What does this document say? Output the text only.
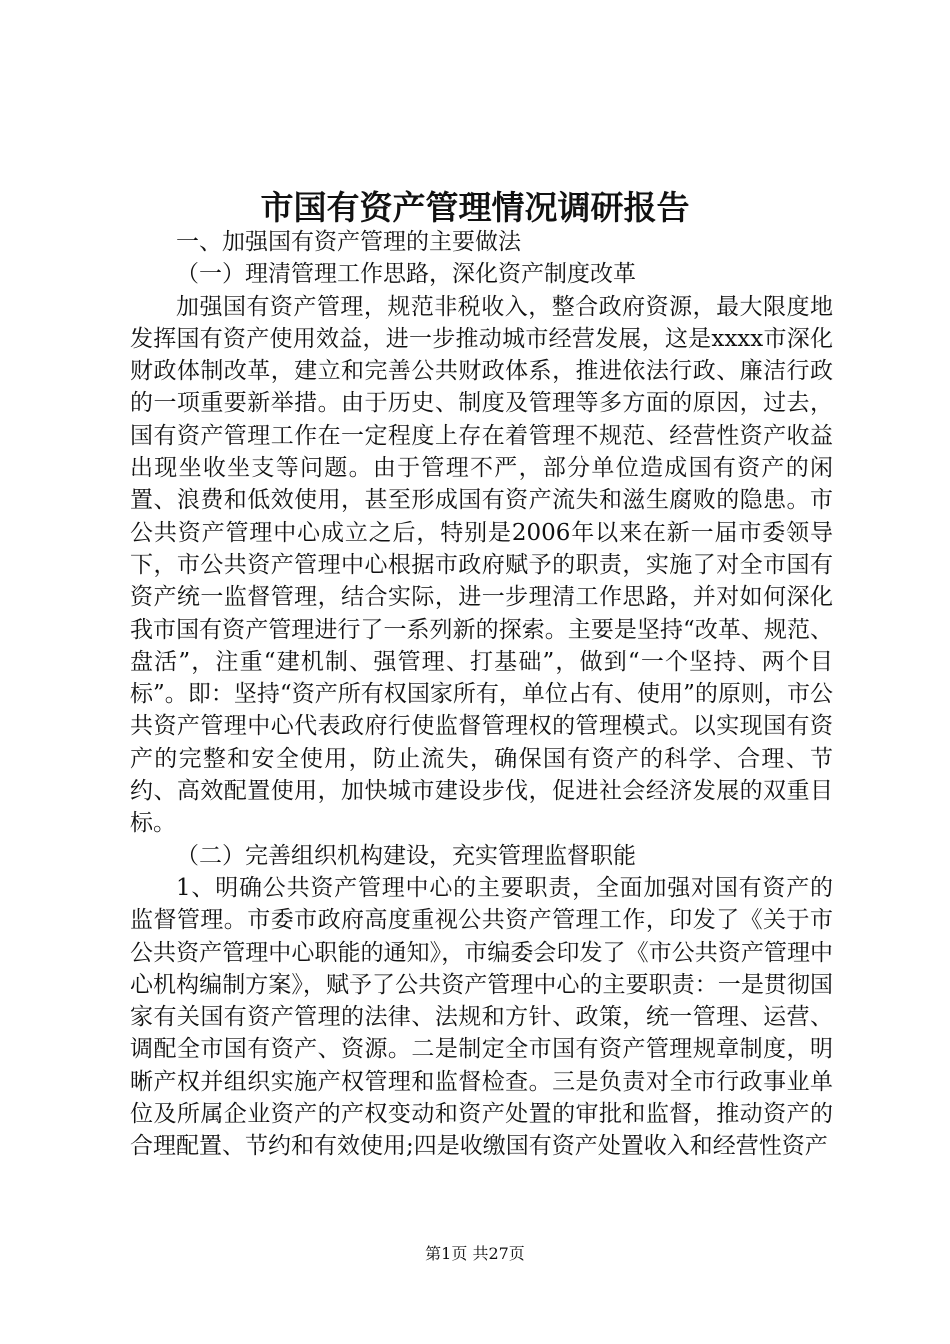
市国有资产管理情况调研报告

一、加强国有资产管理的主要做法

（一）理清管理工作思路，深化资产制度改革

加强国有资产管理，规范非税收入，整合政府资源，最大限度地发挥国有资产使用效益，进一步推动城市经营发展，这是xxxx市深化财政体制改革，建立和完善公共财政体系，推进依法行政、廉洁行政的一项重要新举措。由于历史、制度及管理等多方面的原因，过去，国有资产管理工作在一定程度上存在着管理不规范、经营性资产收益出现坐收坐支等问题。由于管理不严，部分单位造成国有资产的闲置、浪费和低效使用，甚至形成国有资产流失和滋生腐败的隐患。市公共资产管理中心成立之后，特别是2006年以来在新一届市委领导下，市公共资产管理中心根据市政府赋予的职责，实施了对全市国有资产统一监督管理，结合实际，进一步理清工作思路，并对如何深化我市国有资产管理进行了一系列新的探索。主要是坚持“改革、规范、盘活”，注重“建机制、强管理、打基础”，做到“一个坚持、两个目标”。即：坚持“资产所有权国家所有，单位占有、使用”的原则，市公共资产管理中心代表政府行使监督管理权的管理模式。以实现国有资产的完整和安全使用，防止流失，确保国有资产的科学、合理、节约、高效配置使用，加快城市建设步伐，促进社会经济发展的双重目标。

（二）完善组织机构建设，充实管理监督职能

1、明确公共资产管理中心的主要职责，全面加强对国有资产的监督管理。市委市政府高度重视公共资产管理工作，印发了《关于市公共资产管理中心职能的通知》，市编委会印发了《市公共资产管理中心机构编制方案》，赋予了公共资产管理中心的主要职责：一是贯彻国家有关国有资产管理的法律、法规和方针、政策，统一管理、运营、调配全市国有资产、资源。二是制定全市国有资产管理规章制度，明晰产权并组织实施产权管理和监督检查。三是负责对全市行政事业单位及所属企业资产的产权变动和资产处置的审批和监督，推动资产的合理配置、节约和有效使用;四是收缴国有资产处置收入和经营性资产

第1页 共27页
